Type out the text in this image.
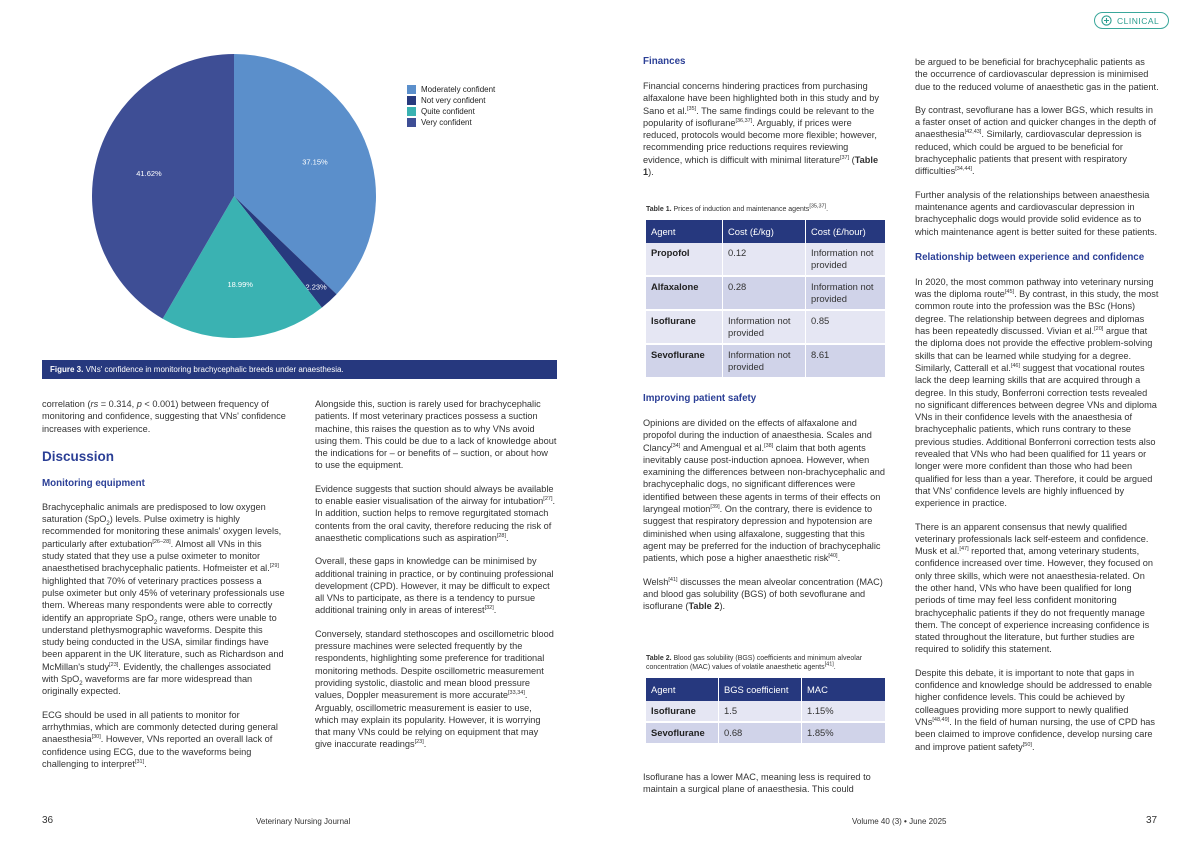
CLINICAL
37.15%
2.23%
18.99%
41.62%
Moderately confident
Not very confident
Quite confident
Very confident
Figure 3. VNs' confidence in monitoring brachycephalic breeds under anaesthesia.

correlation (rs = 0.314, p < 0.001) between frequency of monitoring and confidence, suggesting that VNs' confidence increases with experience.

Discussion
Monitoring equipment

Brachycephalic animals are predisposed to low oxygen saturation (SpO$_2$) levels. Pulse oximetry is highly recommended for monitoring these animals' oxygen levels, particularly after extubation[26–28]. Almost all VNs in this study stated that they use a pulse oximeter to monitor anaesthetised brachycephalic patients. Hofmeister et al.[29] highlighted that 70% of veterinary practices possess a pulse oximeter but only 45% of veterinary professionals use them. Whereas many respondents were able to correctly identify an appropriate SpO$_2$ range, others were unable to understand plethysmographic waveforms. Despite this study being conducted in the USA, similar findings have been apparent in the UK literature, such as Richardson and McMillan's study[23]. Evidently, the challenges associated with SpO$_2$ waveforms are far more widespread than originally expected.

ECG should be used in all patients to monitor for arrhythmias, which are commonly detected during general anaesthesia[30]. However, VNs reported an overall lack of confidence using ECG, due to the waveforms being challenging to interpret[31].

Alongside this, suction is rarely used for brachycephalic patients. If most veterinary practices possess a suction machine, this raises the question as to why VNs avoid using them. This could be due to a lack of knowledge about the indications for – or benefits of – suction, or about how to use the equipment.

Evidence suggests that suction should always be available to enable easier visualisation of the airway for intubation[27]. In addition, suction helps to remove regurgitated stomach contents from the oral cavity, therefore reducing the risk of anaesthetic complications such as aspiration[28].

Overall, these gaps in knowledge can be minimised by additional training in practice, or by continuing professional development (CPD). However, it may be difficult to expect all VNs to participate, as there is a tendency to pursue additional training only in areas of interest[32].

Conversely, standard stethoscopes and oscillometric blood pressure machines were selected frequently by the respondents, highlighting some preference for traditional monitoring methods. Despite oscillometric measurement providing systolic, diastolic and mean blood pressure values, Doppler measurement is more accurate[33,34]. Arguably, oscillometric measurement is easier to use, which may explain its popularity. However, it is worrying that many VNs could be relying on equipment that may give inaccurate readings[23].

Finances

Financial concerns hindering practices from purchasing alfaxalone have been highlighted both in this study and by Sano et al.[35]. The same findings could be relevant to the popularity of isoflurane[36,37]. Arguably, if prices were reduced, protocols would become more flexible; however, recommending price reductions requires reviewing evidence, which is difficult with minimal literature[37] (Table 1).

Table 1. Prices of induction and maintenance agents[35,37].
Agent	Cost (£/kg)	Cost (£/hour)
Propofol	0.12	Information not provided
Alfaxalone	0.28	Information not provided
Isoflurane	Information not provided	0.85
Sevoflurane	Information not provided	8.61
Improving patient safety

Opinions are divided on the effects of alfaxalone and propofol during the induction of anaesthesia. Scales and Clancy[34] and Amengual et al.[38] claim that both agents inevitably cause post-induction apnoea. However, when examining the differences between non-brachycephalic and brachycephalic dogs, no significant differences were identified between these agents in terms of their effects on laryngeal motion[39]. On the contrary, there is evidence to suggest that respiratory depression and hypotension are diminished when using alfaxalone, suggesting that this agent may be preferred for the induction of brachycephalic patients, which pose a higher anaesthetic risk[40].

Welsh[41] discusses the mean alveolar concentration (MAC) and blood gas solubility (BGS) of both sevoflurane and isoflurane (Table 2).

Table 2. Blood gas solubility (BGS) coefficients and minimum alveolar concentration (MAC) values of volatile anaesthetic agents[41].
Agent	BGS coefficient	MAC
Isoflurane	1.5	1.15%
Sevoflurane	0.68	1.85%
Isoflurane has a lower MAC, meaning less is required to maintain a surgical plane of anaesthesia. This could

be argued to be beneficial for brachycephalic patients as the occurrence of cardiovascular depression is minimised due to the reduced volume of anaesthetic gas in the patient.

By contrast, sevoflurane has a lower BGS, which results in a faster onset of action and quicker changes in the depth of anaesthesia[42,43]. Similarly, cardiovascular depression is reduced, which could be argued to be beneficial for brachycephalic patients that present with respiratory difficulties[34,44].

Further analysis of the relationships between anaesthesia maintenance agents and cardiovascular depression in brachycephalic dogs would provide solid evidence as to which maintenance agent is better suited for these patients.

Relationship between experience and confidence

In 2020, the most common pathway into veterinary nursing was the diploma route[45]. By contrast, in this study, the most common route into the profession was the BSc (Hons) degree. The relationship between degrees and diplomas has been repeatedly discussed. Vivian et al.[20] argue that the diploma does not provide the effective problem-solving skills that can be learned while studying for a degree. Similarly, Catterall et al.[46] suggest that vocational routes lack the deep learning skills that are acquired through a degree. In this study, Bonferroni correction tests revealed no significant differences between degree VNs and diploma VNs in their confidence levels with the anaesthesia of brachycephalic patients, which runs contrary to these previous studies. Additional Bonferroni correction tests also revealed that VNs who had been qualified for 11 years or longer were more confident than those who had been qualified for less than a year. Therefore, it could be argued that VNs' confidence levels are highly influenced by experience in practice.

There is an apparent consensus that newly qualified veterinary professionals lack self-esteem and confidence. Musk et al.[47] reported that, among veterinary students, confidence increased over time. However, they focused on only three skills, which were not anaesthesia-related. On the other hand, VNs who have been qualified for long periods of time may feel less confident monitoring brachycephalic patients if they do not frequently manage them. The concept of experience increasing confidence is stated throughout the literature, but further studies are required to solidify this statement.

Despite this debate, it is important to note that gaps in confidence and knowledge should be addressed to enable higher confidence levels. This could be achieved by colleagues providing more support to newly qualified VNs[48,49]. In the field of human nursing, the use of CPD has been claimed to improve confidence, develop nursing care and improve patient safety[50].

36	Veterinary Nursing Journal	Volume 40 (3) • June 2025	37
